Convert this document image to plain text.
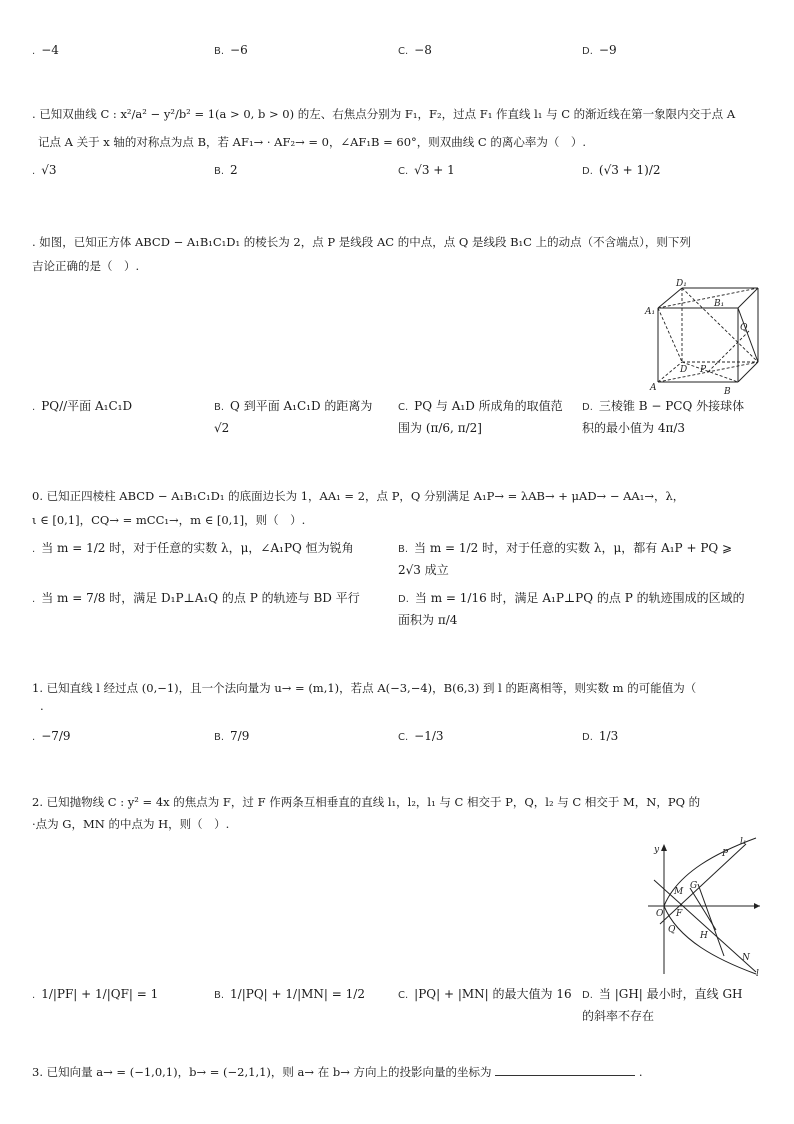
. −4	B. −6	C. −8	D. −9
. 已知双曲线 C : x²/a² − y²/b² = 1(a > 0, b > 0) 的左、右焦点分别为 F₁，F₂，过点 F₁ 作直线 l₁ 与 C 的渐近线在第一象限内交于点 A
记点 A 关于 x 轴的对称点为点 B，若 AF₁→ · AF₂→ = 0，∠AF₁B = 60°，则双曲线 C 的离心率为（　）.
. √3	B. 2	C. √3 + 1	D. (√3 + 1)/2
. 如图，已知正方体 ABCD − A₁B₁C₁D₁ 的棱长为 2，点 P 是线段 AC 的中点，点 Q 是线段 B₁C 上的动点（不含端点），则下列
吉论正确的是（　）.
D₁
B₁
A₁
Q
D P
A	B
. PQ//平面 A₁C₁D	B. Q 到平面 A₁C₁D 的距离为 √2
C. PQ 与 A₁D 所成角的取值范围为 (π/6, π/2]
D. 三棱锥 B − PCQ 外接球体积的最小值为 4π/3
0. 已知正四棱柱 ABCD − A₁B₁C₁D₁ 的底面边长为 1，AA₁ = 2，点 P，Q 分别满足 A₁P→ = λAB→ + μAD→ − AA₁→，λ，
ι ∈ [0,1]，CQ→ = mCC₁→，m ∈ [0,1]，则（　）.
. 当 m = 1/2 时，对于任意的实数 λ，μ，∠A₁PQ 恒为锐角	B. 当 m = 1/2 时，对于任意的实数 λ，μ，都有 A₁P + PQ ⩾ 2√3 成立
. 当 m = 7/8 时，满足 D₁P⊥A₁Q 的点 P 的轨迹与 BD 平行	D. 当 m = 1/16 时，满足 A₁P⊥PQ 的点 P 的轨迹围成的区域的面积为 π/4
1. 已知直线 l 经过点 (0,−1)，且一个法向量为 u→ = (m,1)，若点 A(−3,−4)，B(6,3) 到 l 的距离相等，则实数 m 的可能值为（
.
. −7/9	B. 7/9	C. −1/3	D. 1/3
2. 已知抛物线 C : y² = 4x 的焦点为 F，过 F 作两条互相垂直的直线 l₁，l₂，l₁ 与 C 相交于 P，Q，l₂ 与 C 相交于 M，N，PQ 的
·点为 G，MN 的中点为 H，则（　）.
y
l₁
P
G
M
O F
Q
H
N
l
. 1/|PF| + 1/|QF| = 1	B. 1/|PQ| + 1/|MN| = 1/2	C. |PQ| + |MN| 的最大值为 16 D. 当 |GH| 最小时，直线 GH 的斜率不存在
3. 已知向量 a→ = (−1,0,1)，b→ = (−2,1,1)，则 a→ 在 b→ 方向上的投影向量的坐标为	.
